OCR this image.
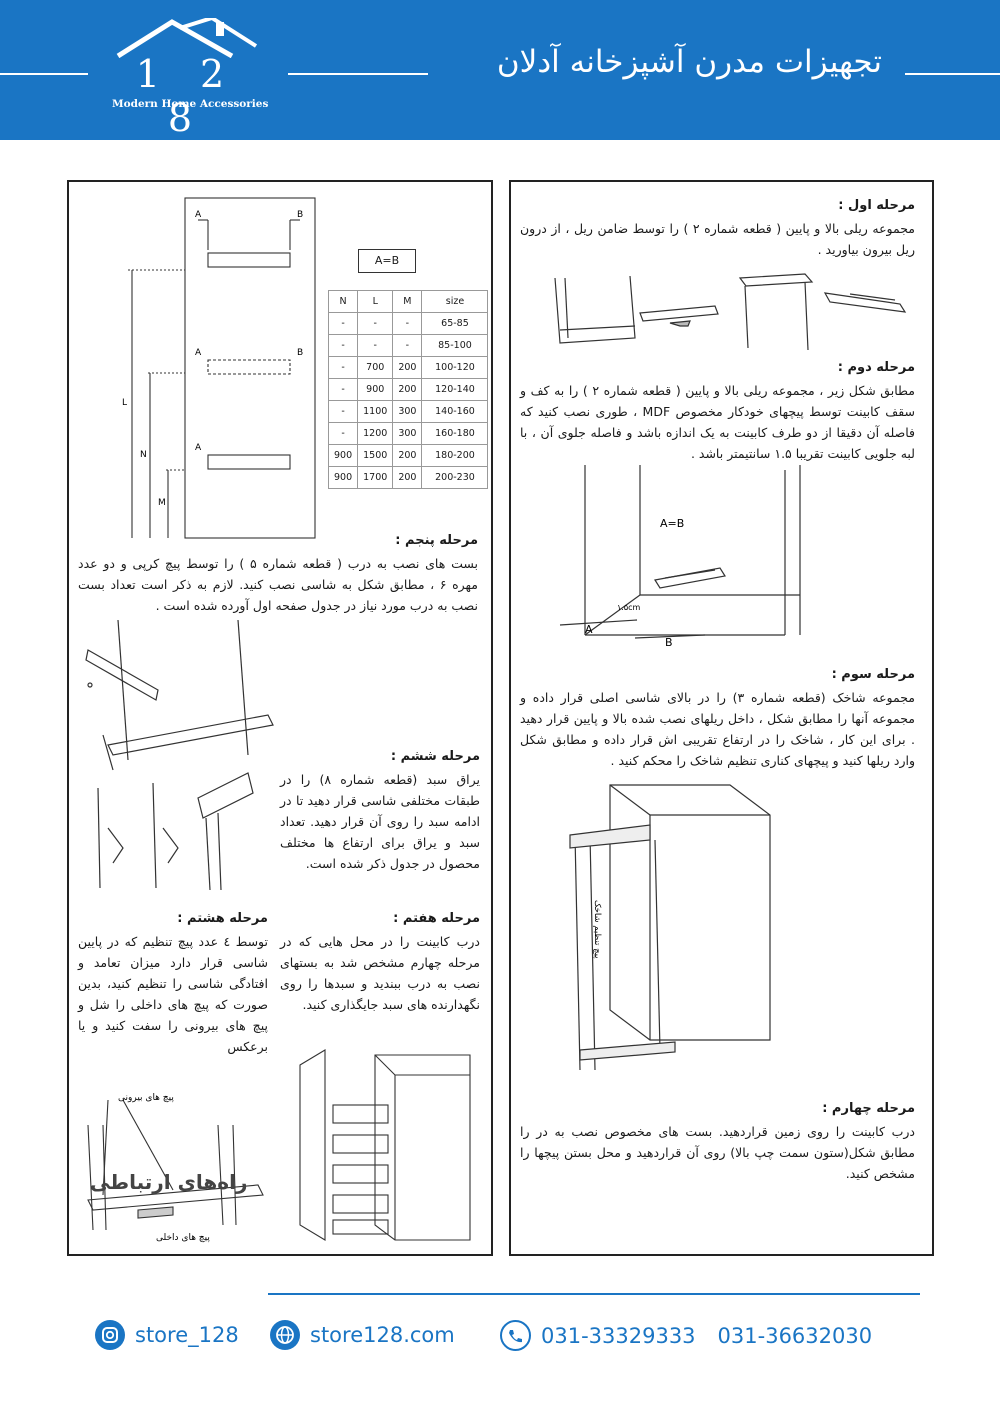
1 2 8
Modern Home Accessories
تجهیزات مدرن آشپزخانه آدلان
مرحله اول :
مجموعه ریلی بالا و پایین ( قطعه شماره ۲ ) را توسط ضامن ریل ، از درون ریل بیرون بیاورید .
مرحله دوم :
مطابق شکل زیر ، مجموعه ریلی بالا و پایین ( قطعه شماره ۲ ) را به کف و سقف کابینت توسط پیچهای خودکار مخصوص MDF ، طوری نصب کنید که فاصله آن دقیقا از دو طرف کابینت به یک اندازه باشد و فاصله جلوی آن ، با لبه جلویی کابینت تقریبا ۱.۵ سانتیمتر باشد .
A=B
۱.۵cm
A
B
مرحله سوم :
مجموعه شاخک (قطعه شماره ۳) را در بالای شاسی اصلی قرار داده و مجموعه آنها را مطابق شکل ، داخل ریلهای نصب شده بالا و پایین قرار دهید . برای این کار ، شاخک را در ارتفاع تقریبی اش قرار داده و مطابق شکل وارد ریلها کنید و پیچهای کناری تنظیم شاخک را محکم کنید .
پیچ تنظیم شاخک
مرحله چهارم :
درب کابینت را روی زمین قراردهید. بست های مخصوص نصب به در را مطابق شکل(ستون سمت چپ بالا) روی آن قراردهید و محل بستن پیچها را مشخص کنید.
A	B
A	B
A
L
N
M
A=B
N	L	M	size
-	-	-	65-85
-	-	-	85-100
-	700	200	100-120
-	900	200	120-140
-	1100	300	140-160
-	1200	300	160-180
900	1500	200	180-200
900	1700	200	200-230
مرحله پنجم :
بست های نصب به درب ( قطعه شماره ۵ ) را توسط پیچ کرپی و دو عدد مهره ۶ ، مطابق شکل به شاسی نصب کنید. لازم به ذکر است تعداد بست نصب به درب مورد نیاز در جدول صفحه اول آورده شده است .
مرحله ششم :
یراق سبد (قطعه شماره ۸) را در طبقات مختلفی شاسی قرار دهید تا در ادامه سبد را روی آن قرار دهید. تعداد سبد و یراق برای ارتفاع ها مختلف محصول در جدول ذکر شده است.
مرحله هفتم :
درب کابینت را در محل هایی که در مرحله چهارم مشخص شد به بستهای نصب به درب ببندید و سبدها را روی نگهدارنده های سبد جایگذاری کنید.
مرحله هشتم :
توسط ٤ عدد پیچ تنظیم که در پایین شاسی قرار دارد میزان تعامد و افتادگی شاسی را تنظیم کنید، بدین صورت که پیچ های داخلی را شل و پیچ های بیرونی را سفت کنید و یا برعکس
پیچ های بیرونی
پیچ های داخلی
راه‌های ارتباطی
store_128	store128.com	031-33329333 031-36632030
